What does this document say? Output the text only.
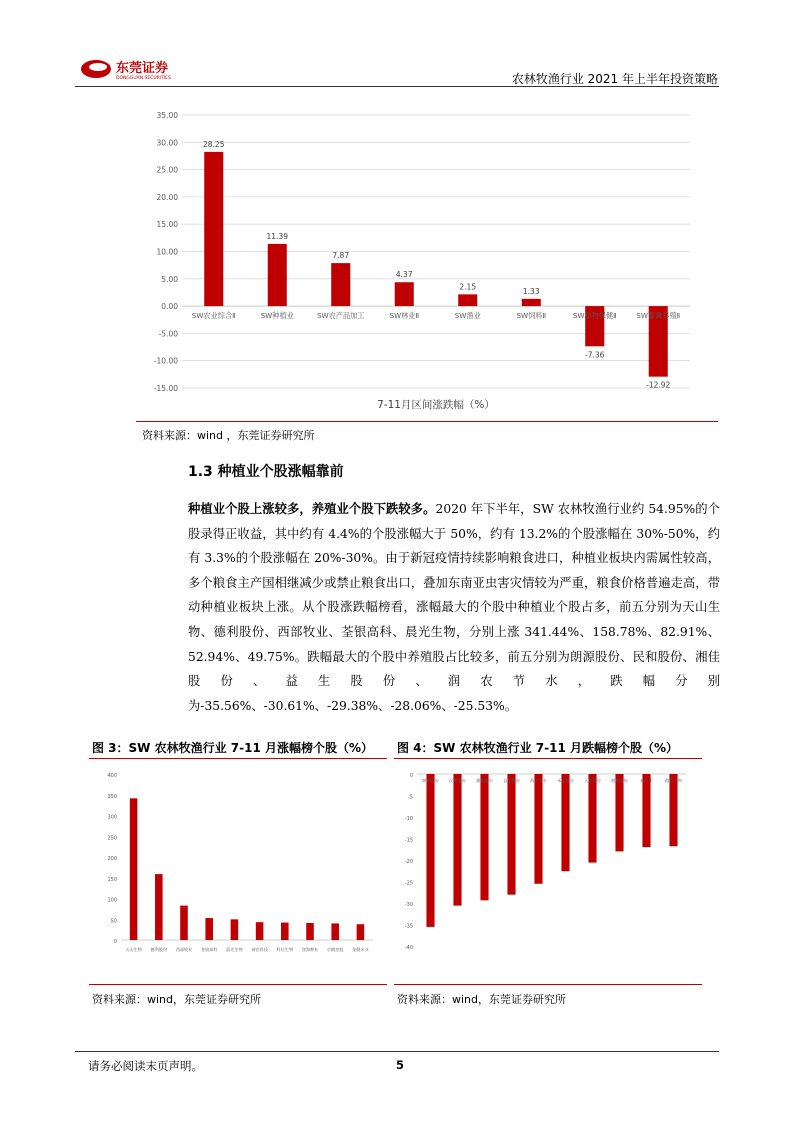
东莞证券
DONGGUAN SECURITIES	农林牧渔行业 2021 年上半年投资策略
35.00
30.00
25.00
20.00
15.00
10.00
5.00
0.00
-5.00
-10.00
-15.00
28.25
SW农业综合Ⅱ
11.39
SW种植业
7.87
SW农产品加工
4.37
SW林业Ⅱ
2.15
SW渔业
1.33
SW饲料Ⅱ
-7.36
SW动物保健Ⅱ
-12.92
SW畜禽养殖Ⅱ
7-11月区间涨跌幅（%）
资料来源：wind ，东莞证券研究所
1.3 种植业个股涨幅靠前
种植业个股上涨较多，养殖业个股下跌较多。2020 年下半年，SW 农林牧渔行业约 54.95%的个股录得正收益，其中约有 4.4%的个股涨幅大于 50%，约有 13.2%的个股涨幅在 30%-50%，约有 3.3%的个股涨幅在 20%-30%。由于新冠疫情持续影响粮食进口，种植业板块内需属性较高，多个粮食主产国相继减少或禁止粮食出口，叠加东南亚虫害灾情较为严重，粮食价格普遍走高，带动种植业板块上涨。从个股涨跌幅榜看，涨幅最大的个股中种植业个股占多，前五分别为天山生物、德利股份、西部牧业、荃银高科、晨光生物，分别上涨 341.44%、158.78%、82.91%、52.94%、49.75%。跌幅最大的个股中养殖股占比较多，前五分别为朗源股份、民和股份、湘佳股份、益生股份、润农节水，跌幅分别为-35.56%、-30.61%、-29.38%、-28.06%、-25.53%。
图 3：SW 农林牧渔行业 7-11 月涨幅榜个股（%） 图 4：SW 农林牧渔行业 7-11 月跌幅榜个股（%）
400
350
300
250
200
150
100
50
0
天山生物 德利股份 西部牧业 荃银高科 晨光生物 神农科技 科拉生物 登海种业 京粮控股 金健米业
0
-5
-10
-15
-20
-25
-30
-35
-40
朗源股份 民和股份 湘佳股份 益生股份 润农节水 禾丰股份 天邦股份 晓鸣股份	新五丰	傲农生物
资料来源：wind，东莞证券研究所	资料来源：wind，东莞证券研究所
请务必阅读末页声明。	5
